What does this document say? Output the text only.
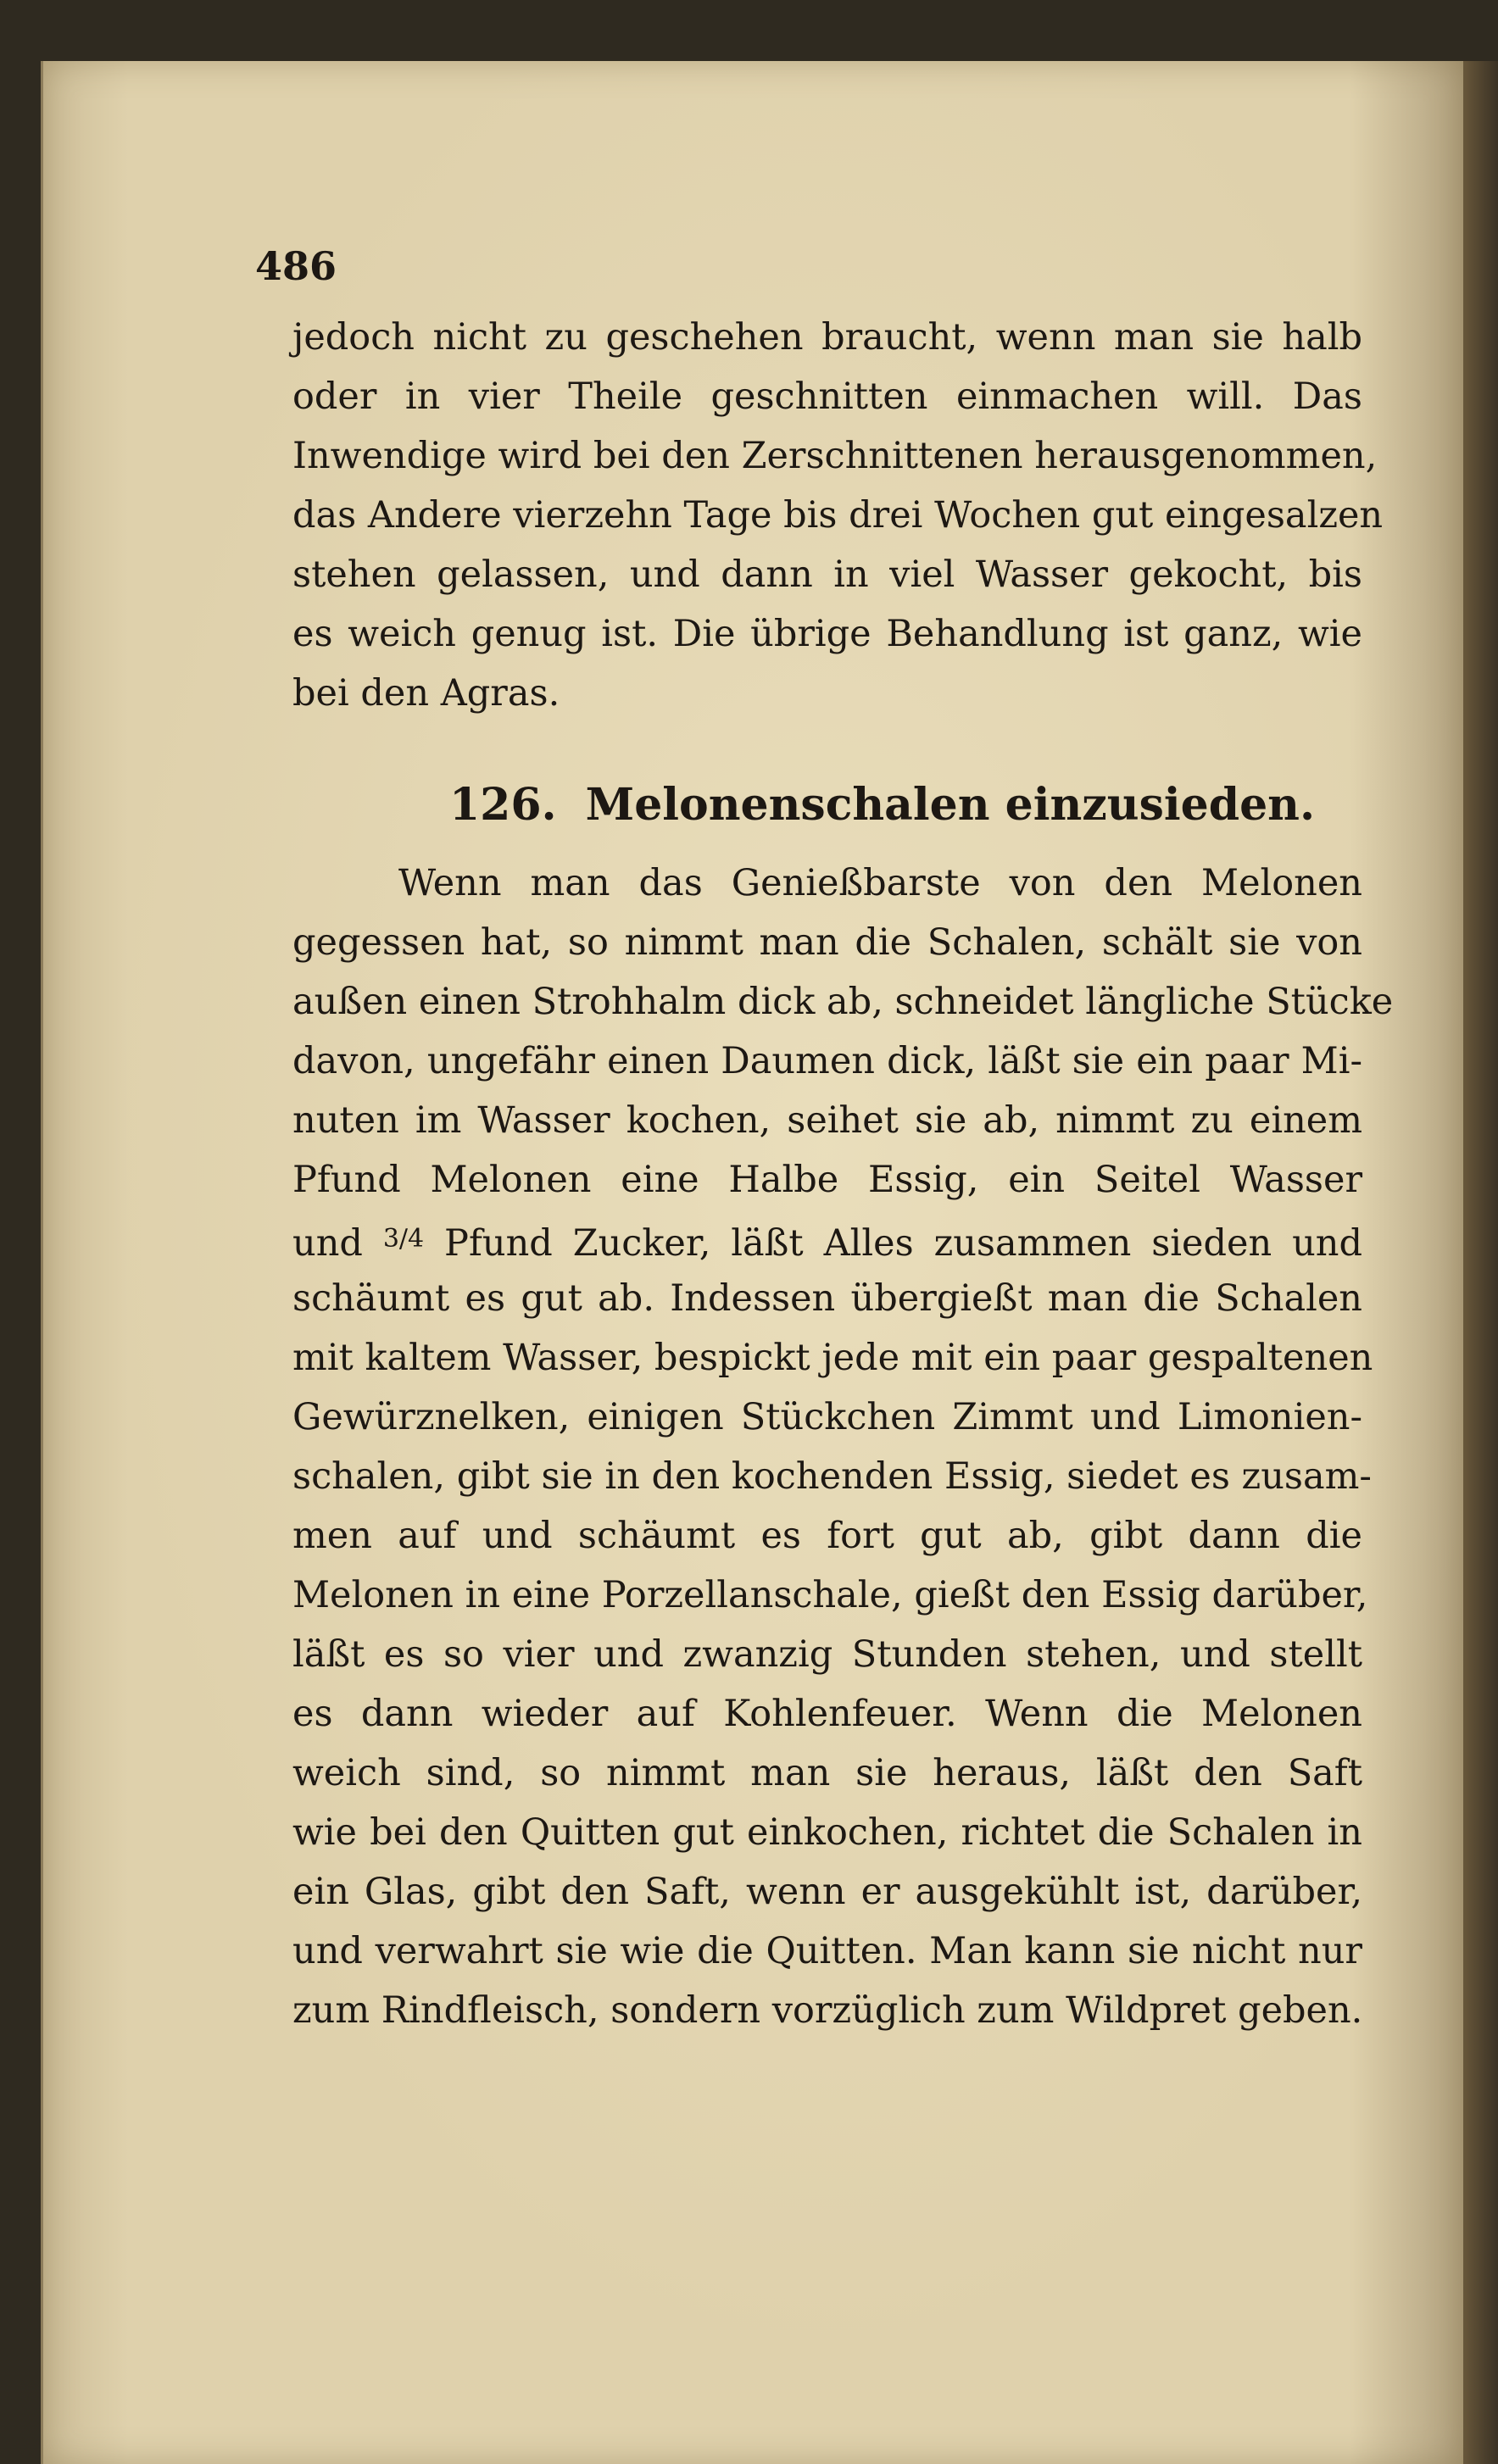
486

jedoch nicht zu geschehen braucht, wenn man sie halb

oder in vier Theile geschnitten einmachen will. Das

Inwendige wird bei den Zerschnittenen herausgenommen,

das Andere vierzehn Tage bis drei Wochen gut eingesalzen

stehen gelassen, und dann in viel Wasser gekocht, bis

es weich genug ist. Die übrige Behandlung ist ganz, wie

bei den Agras.

126. Melonenschalen einzusieden.

Wenn man das Genießbarste von den Melonen

gegessen hat, so nimmt man die Schalen, schält sie von

außen einen Strohhalm dick ab, schneidet längliche Stücke

davon, ungefähr einen Daumen dick, läßt sie ein paar Mi-

nuten im Wasser kochen, seihet sie ab, nimmt zu einem

Pfund Melonen eine Halbe Essig, ein Seitel Wasser

und $^{3/4}$ Pfund Zucker, läßt Alles zusammen sieden und

schäumt es gut ab. Indessen übergießt man die Schalen

mit kaltem Wasser, bespickt jede mit ein paar gespaltenen

Gewürznelken, einigen Stückchen Zimmt und Limonien-

schalen, gibt sie in den kochenden Essig, siedet es zusam-

men auf und schäumt es fort gut ab, gibt dann die

Melonen in eine Porzellanschale, gießt den Essig darüber,

läßt es so vier und zwanzig Stunden stehen, und stellt

es dann wieder auf Kohlenfeuer. Wenn die Melonen

weich sind, so nimmt man sie heraus, läßt den Saft

wie bei den Quitten gut einkochen, richtet die Schalen in

ein Glas, gibt den Saft, wenn er ausgekühlt ist, darüber,

und verwahrt sie wie die Quitten. Man kann sie nicht nur

zum Rindfleisch, sondern vorzüglich zum Wildpret geben.
